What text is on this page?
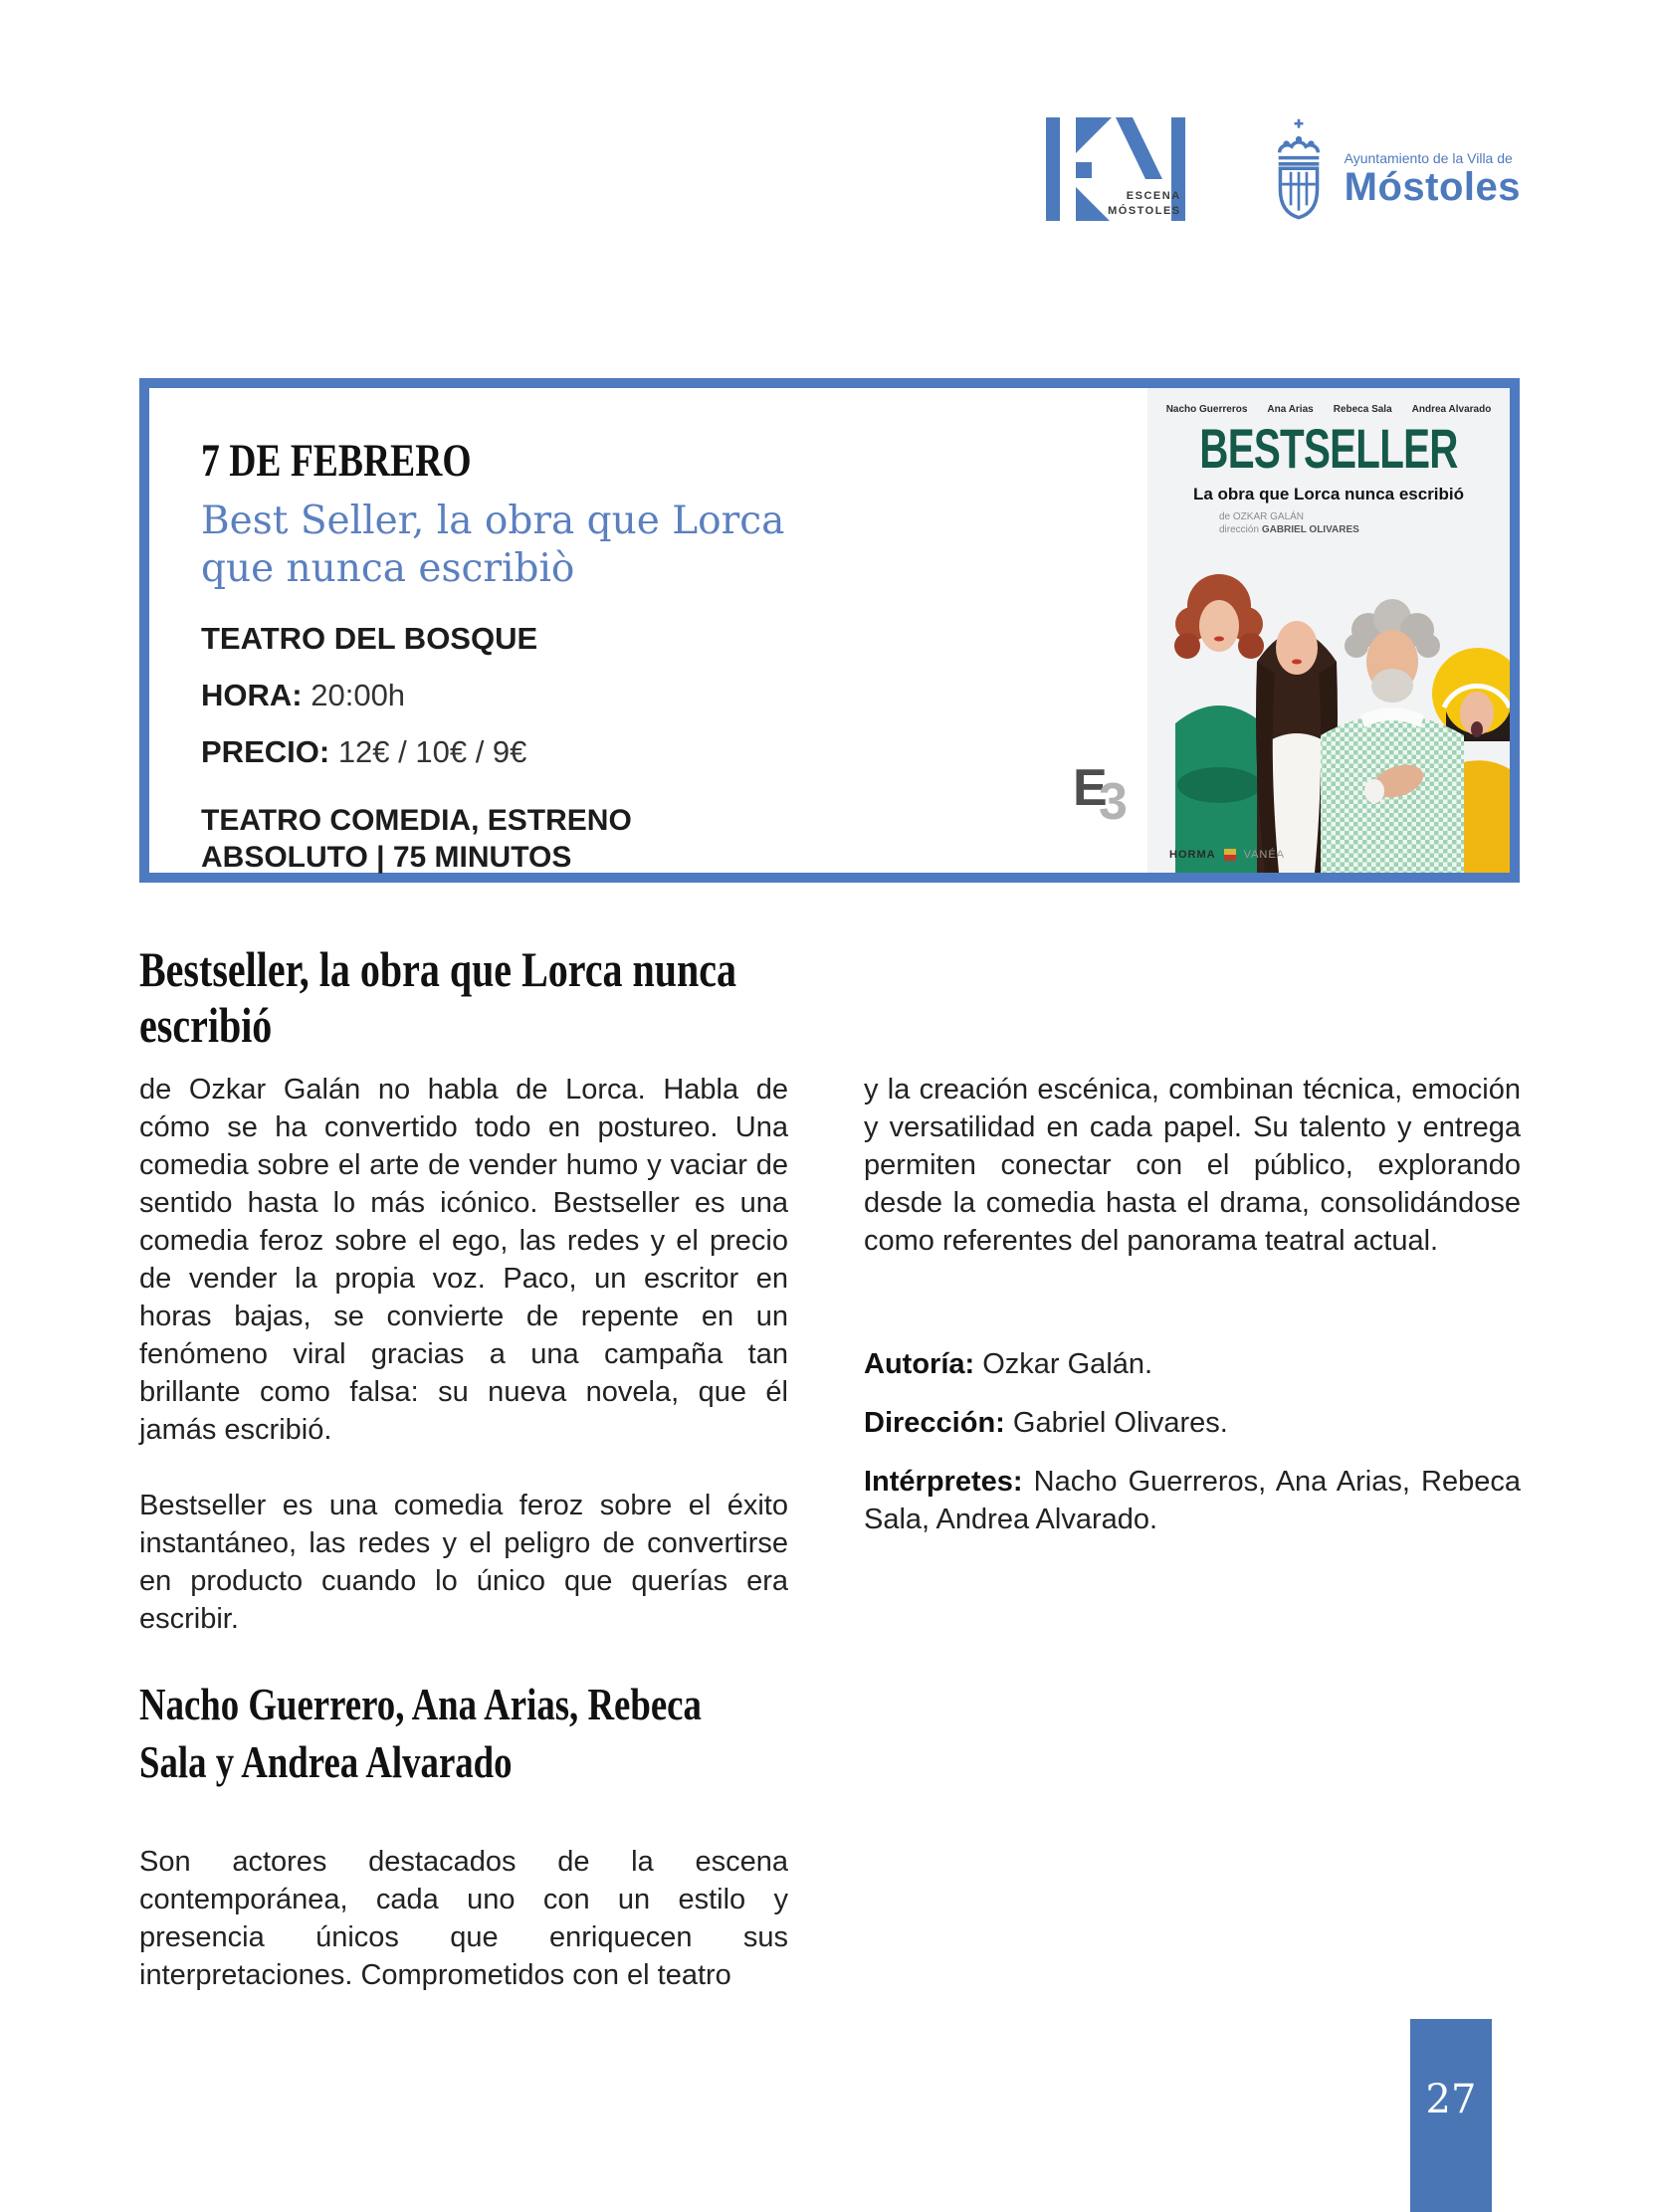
ESCENA
MÓSTOLES
Ayuntamiento de la Villa de
Móstoles
7 DE FEBRERO
Best Seller, la obra que Lorca que nunca escribiò
TEATRO DEL BOSQUE
HORA: 20:00h
PRECIO: 12€ / 10€ / 9€
TEATRO COMEDIA, ESTRENO ABSOLUTO | 75 MINUTOS
E
3
Nacho Guerreros Ana Arias Rebeca Sala Andrea Alvarado
BESTSELLER
La obra que Lorca nunca escribió
de OZKAR GALÁN
dirección GABRIEL OLIVARES
HORMA	VANÉA
Bestseller, la obra que Lorca nunca
escribió

de Ozkar Galán no habla de Lorca. Habla de cómo se ha convertido todo en postureo. Una comedia sobre el arte de vender humo y vaciar de sentido hasta lo más icónico. Bestseller es una comedia feroz sobre el ego, las redes y el precio de vender la propia voz. Paco, un escritor en horas bajas, se convierte de repente en un fenómeno viral gracias a una campaña tan brillante como falsa: su nueva novela, que él jamás escribió.

Bestseller es una comedia feroz sobre el éxito instantáneo, las redes y el peligro de convertirse en producto cuando lo único que querías era escribir.

Nacho Guerrero, Ana Arias, Rebeca
Sala y Andrea Alvarado

Son actores destacados de la escena contemporánea, cada uno con un estilo y presencia únicos que enriquecen sus interpretaciones. Comprometidos con el teatro

y la creación escénica, combinan técnica, emoción y versatilidad en cada papel. Su talento y entrega permiten conectar con el público, explorando desde la comedia hasta el drama, consolidándose como referentes del panorama teatral actual.

Autoría: Ozkar Galán.
Dirección: Gabriel Olivares.
Intérpretes: Nacho Guerreros, Ana Arias, Rebeca Sala, Andrea Alvarado.
27
